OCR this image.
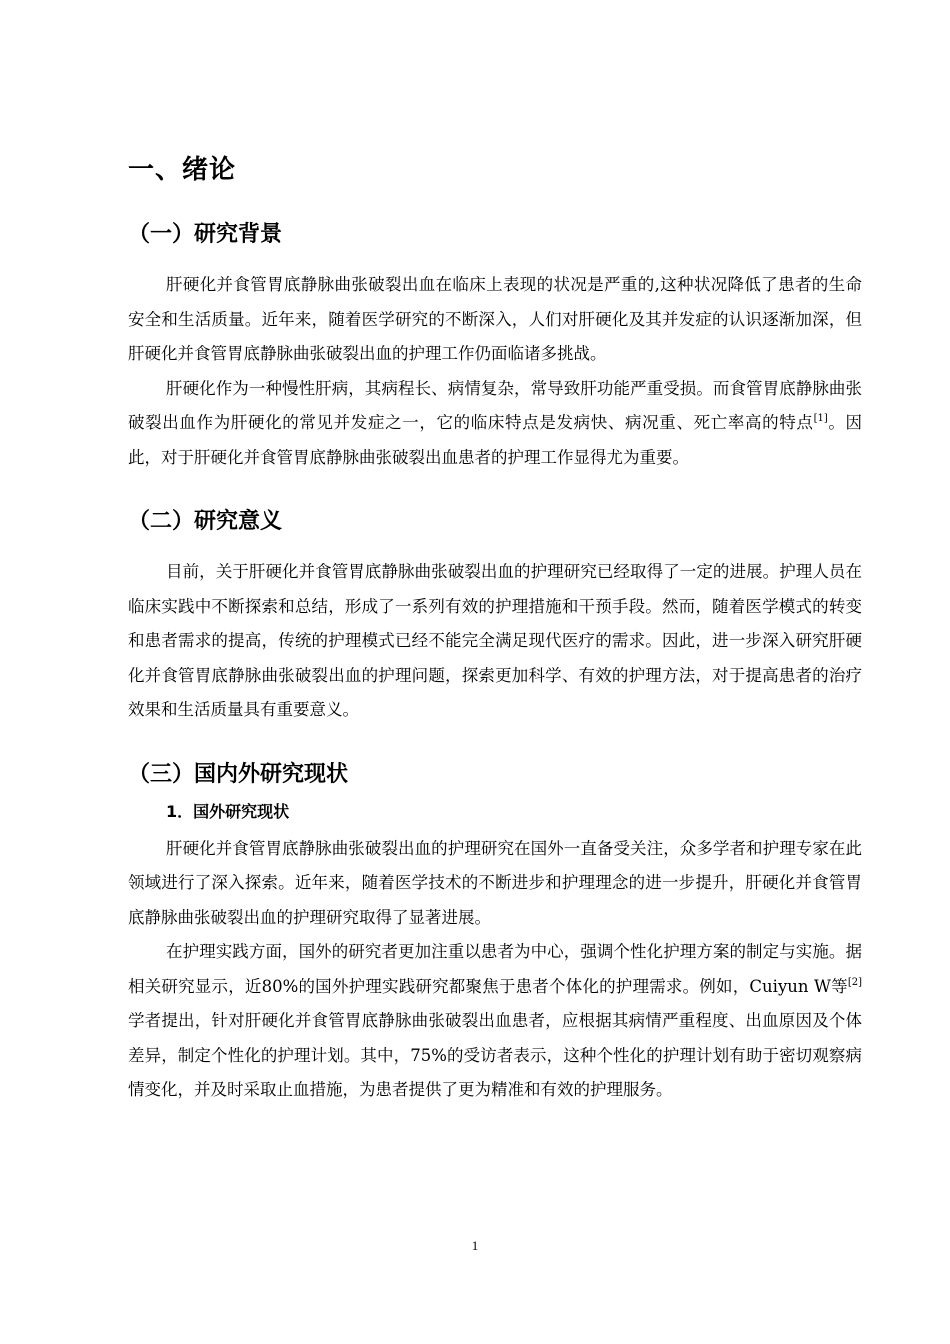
一、绪论
（一）研究背景

肝硬化并食管胃底静脉曲张破裂出血在临床上表现的状况是严重的,这种状况降低了患者的生命安全和生活质量。近年来，随着医学研究的不断深入，人们对肝硬化及其并发症的认识逐渐加深，但肝硬化并食管胃底静脉曲张破裂出血的护理工作仍面临诸多挑战。

肝硬化作为一种慢性肝病，其病程长、病情复杂，常导致肝功能严重受损。而食管胃底静脉曲张破裂出血作为肝硬化的常见并发症之一，它的临床特点是发病快、病况重、死亡率高的特点[1]。因此，对于肝硬化并食管胃底静脉曲张破裂出血患者的护理工作显得尤为重要。

（二）研究意义

目前，关于肝硬化并食管胃底静脉曲张破裂出血的护理研究已经取得了一定的进展。护理人员在临床实践中不断探索和总结，形成了一系列有效的护理措施和干预手段。然而，随着医学模式的转变和患者需求的提高，传统的护理模式已经不能完全满足现代医疗的需求。因此，进一步深入研究肝硬化并食管胃底静脉曲张破裂出血的护理问题，探索更加科学、有效的护理方法，对于提高患者的治疗效果和生活质量具有重要意义。

（三）国内外研究现状
1．国外研究现状

肝硬化并食管胃底静脉曲张破裂出血的护理研究在国外一直备受关注，众多学者和护理专家在此领域进行了深入探索。近年来，随着医学技术的不断进步和护理理念的进一步提升，肝硬化并食管胃底静脉曲张破裂出血的护理研究取得了显著进展。

在护理实践方面，国外的研究者更加注重以患者为中心，强调个性化护理方案的制定与实施。据相关研究显示，近80%的国外护理实践研究都聚焦于患者个体化的护理需求。例如，Cuiyun W等[2]学者提出，针对肝硬化并食管胃底静脉曲张破裂出血患者，应根据其病情严重程度、出血原因及个体差异，制定个性化的护理计划。其中，75%的受访者表示，这种个性化的护理计划有助于密切观察病情变化，并及时采取止血措施，为患者提供了更为精准和有效的护理服务。

1
